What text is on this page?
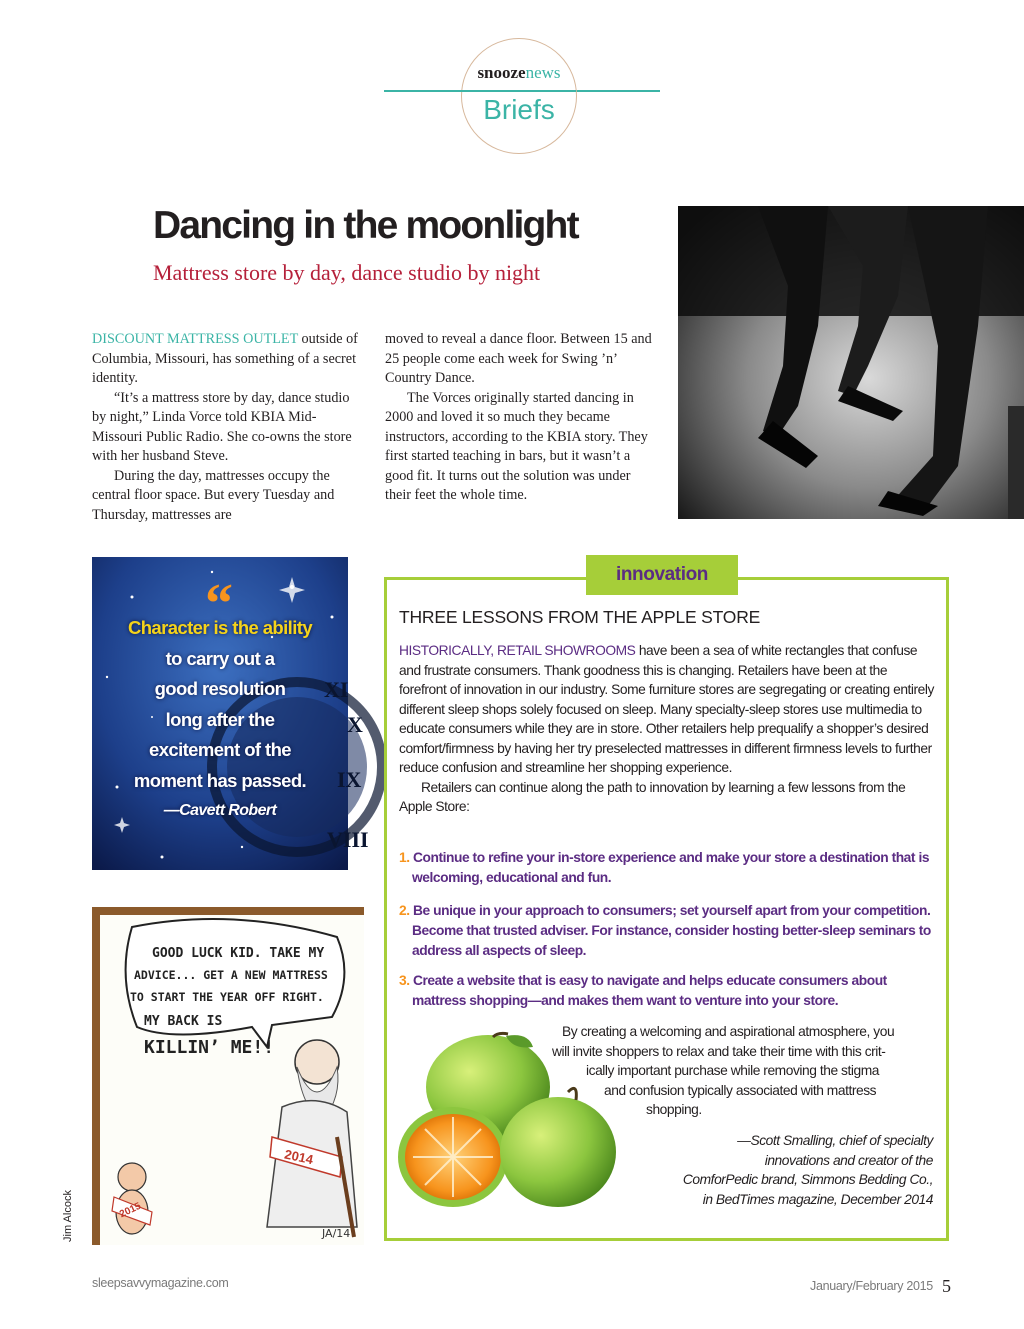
snoozenews
Briefs
Dancing in the moonlight
Mattress store by day, dance studio by night

DISCOUNT MATTRESS OUTLET outside of Columbia, Missouri, has something of a secret identity.

“It’s a mattress store by day, dance studio by night,” Linda Vorce told KBIA Mid-Missouri Public Radio. She co-owns the store with her husband Steve.

During the day, mattresses occupy the central floor space. But every Tuesday and Thursday, mattresses are

moved to reveal a dance floor. Between 15 and 25 people come each week for Swing ’n’ Country Dance.

The Vorces originally started dancing in 2000 and loved it so much they became instructors, according to the KBIA story. They first started teaching in bars, but it wasn’t a good fit. It turns out the solution was under their feet the whole time.

XI
X
IX
VIII
“
Character is the ability
to carry out a
good resolution
long after the
excitement of the
moment has passed.
—Cavett Robert
GOOD LUCK KID. TAKE MY
ADVICE... GET A NEW MATTRESS
TO START THE YEAR OFF RIGHT.
MY BACK IS
KILLIN’ ME!!
2014
2015
JA/14
Jim Alcock
innovation
THREE LESSONS FROM THE APPLE STORE

HISTORICALLY, RETAIL SHOWROOMS have been a sea of white rectangles that confuse and frustrate consumers. Thank goodness this is changing. Retailers have been at the forefront of innovation in our industry. Some furniture stores are segregating or creating entirely different sleep shops solely focused on sleep. Many specialty-sleep stores use multimedia to educate consumers while they are in store. Other retailers help prequalify a shopper’s desired comfort/firmness by having her try preselected mattresses in different firmness levels to further reduce confusion and streamline her shopping experience.

Retailers can continue along the path to innovation by learning a few lessons from the Apple Store:

1. Continue to refine your in-store experience and make your store a destination that is welcoming, educational and fun.
2. Be unique in your approach to consumers; set yourself apart from your competition. Become that trusted adviser. For instance, consider hosting better-sleep seminars to address all aspects of sleep.
3. Create a website that is easy to navigate and helps educate consumers about mattress shopping—and makes them want to venture into your store.
By creating a welcoming and aspirational atmosphere, you
will invite shoppers to relax and take their time with this crit-
ically important purchase while removing the stigma
and confusion typically associated with mattress
shopping.
—Scott Smalling, chief of specialty
innovations and creator of the
ComforPedic brand, Simmons Bedding Co.,
in BedTimes magazine, December 2014
sleepsavvymagazine.com	January/February 2015 5
